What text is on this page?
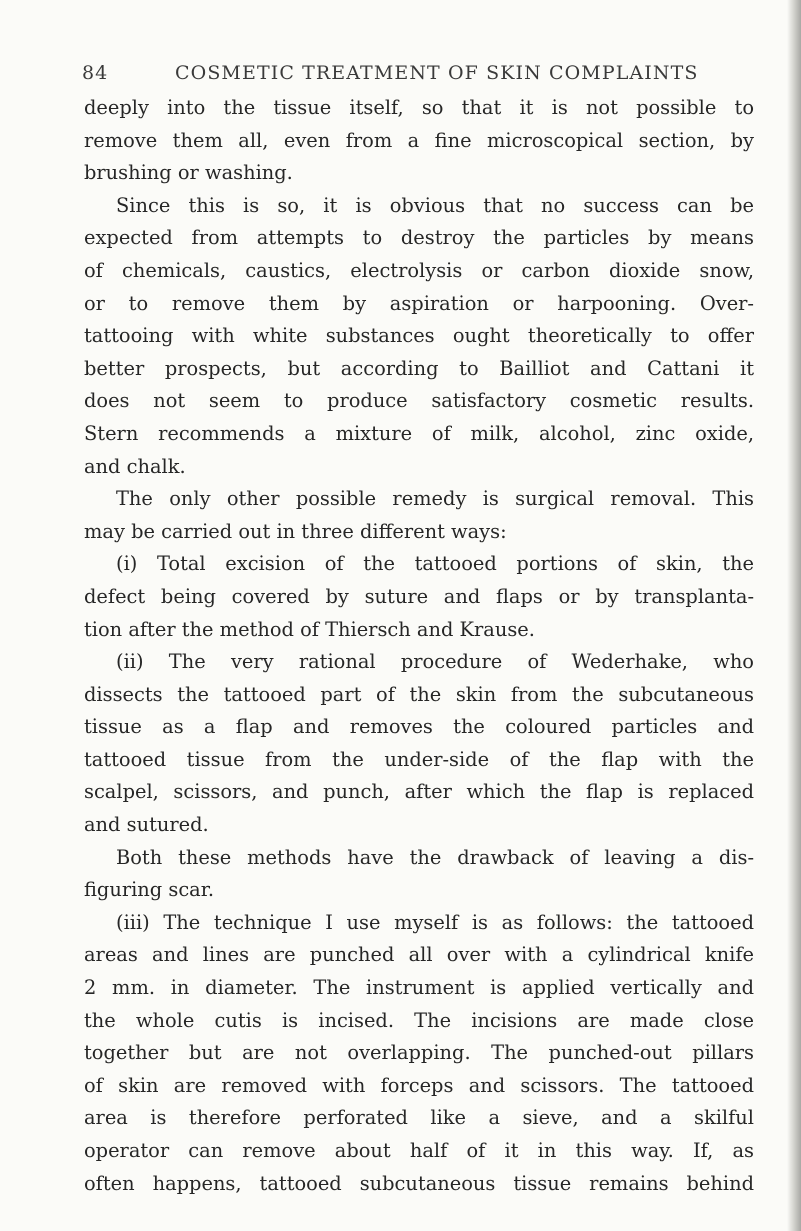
84	COSMETIC TREATMENT OF SKIN COMPLAINTS
deeply into the tissue itself, so that it is not possible to
remove them all, even from a fine microscopical section, by
brushing or washing.
Since this is so, it is obvious that no success can be
expected from attempts to destroy the particles by means
of chemicals, caustics, electrolysis or carbon dioxide snow,
or to remove them by aspiration or harpooning. Over-
tattooing with white substances ought theoretically to offer
better prospects, but according to Bailliot and Cattani it
does not seem to produce satisfactory cosmetic results.
Stern recommends a mixture of milk, alcohol, zinc oxide,
and chalk.
The only other possible remedy is surgical removal. This
may be carried out in three different ways:
(i) Total excision of the tattooed portions of skin, the
defect being covered by suture and flaps or by transplanta-
tion after the method of Thiersch and Krause.
(ii) The very rational procedure of Wederhake, who
dissects the tattooed part of the skin from the subcutaneous
tissue as a flap and removes the coloured particles and
tattooed tissue from the under-side of the flap with the
scalpel, scissors, and punch, after which the flap is replaced
and sutured.
Both these methods have the drawback of leaving a dis-
figuring scar.
(iii) The technique I use myself is as follows: the tattooed
areas and lines are punched all over with a cylindrical knife
2 mm. in diameter. The instrument is applied vertically and
the whole cutis is incised. The incisions are made close
together but are not overlapping. The punched-out pillars
of skin are removed with forceps and scissors. The tattooed
area is therefore perforated like a sieve, and a skilful
operator can remove about half of it in this way. If, as
often happens, tattooed subcutaneous tissue remains behind
